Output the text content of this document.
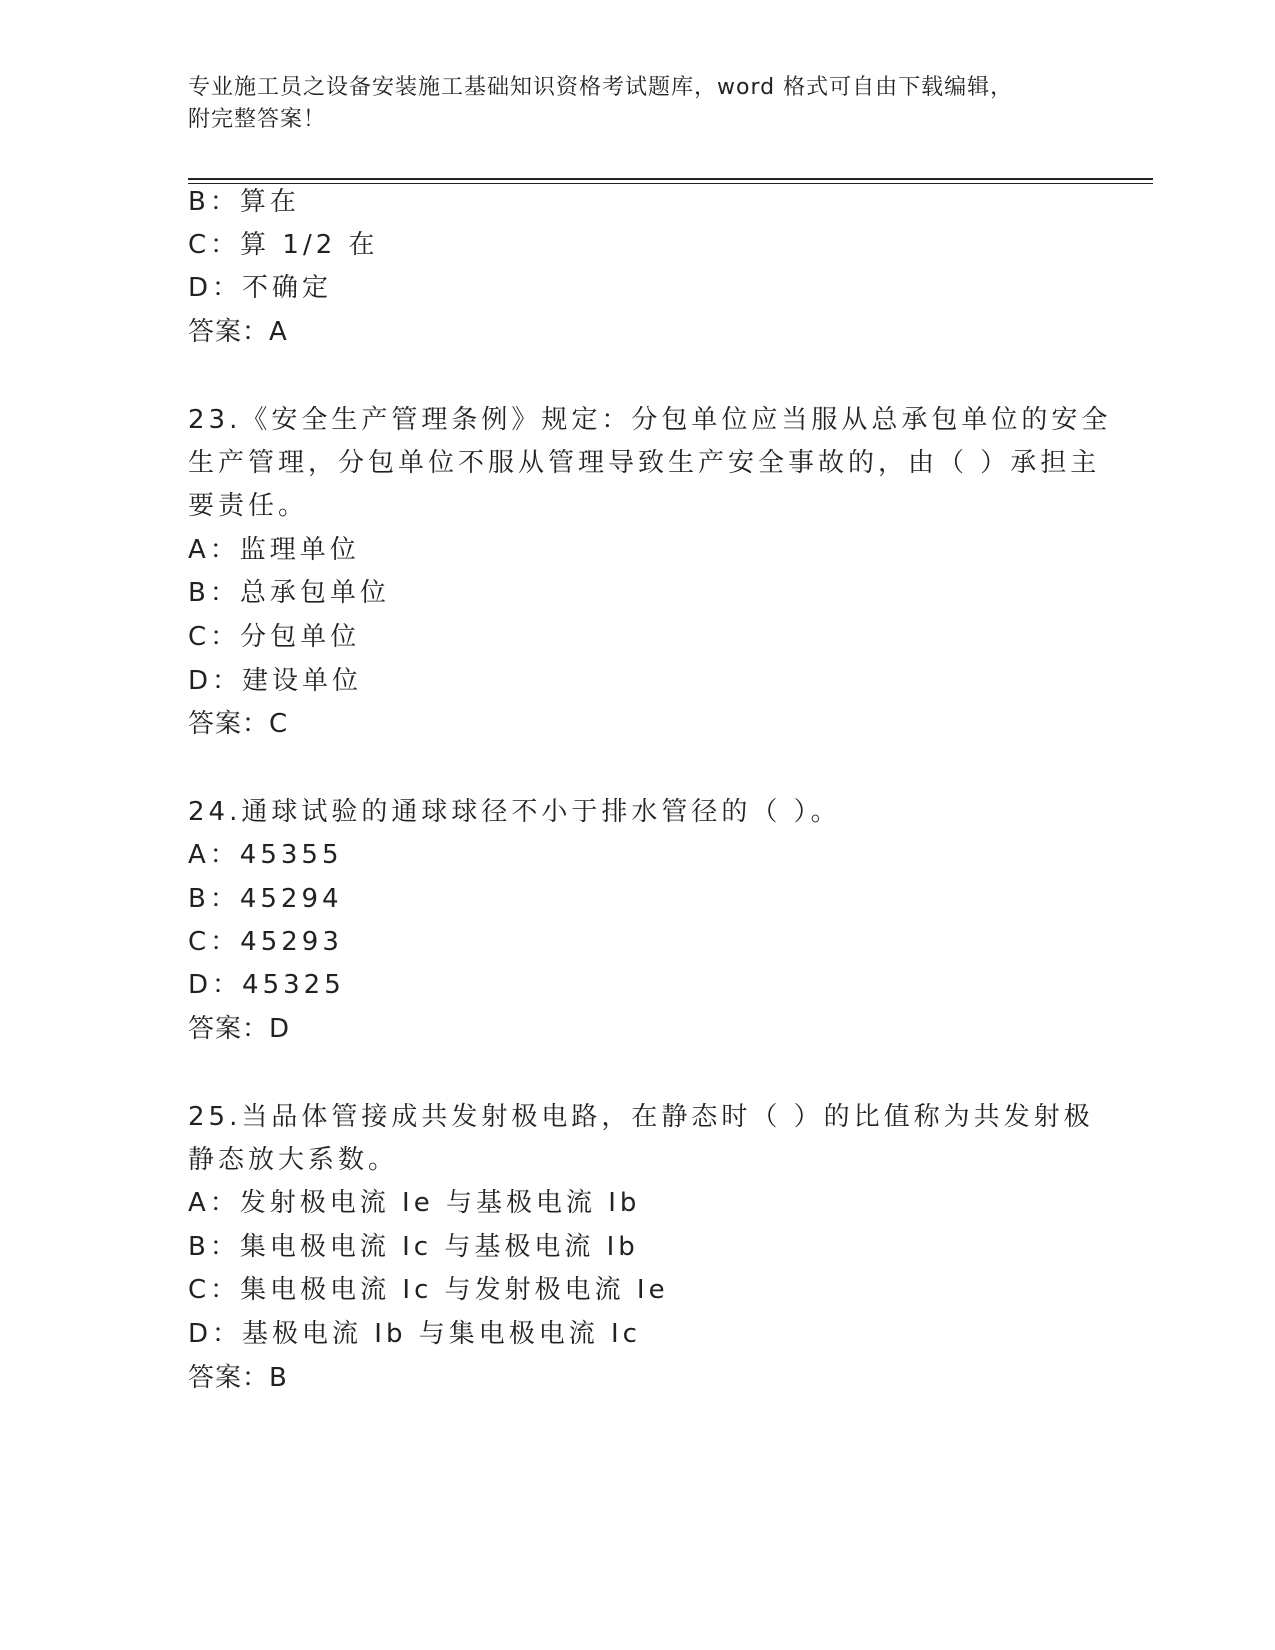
专业施工员之设备安装施工基础知识资格考试题库，word 格式可自由下载编辑，
附完整答案！
B：算在
C：算 1/2 在
D：不确定
答案：A
23.《安全生产管理条例》规定：分包单位应当服从总承包单位的安全
生产管理，分包单位不服从管理导致生产安全事故的，由（ ）承担主
要责任。
A：监理单位
B：总承包单位
C：分包单位
D：建设单位
答案：C
24.通球试验的通球球径不小于排水管径的（ ）。
A：45355
B：45294
C：45293
D：45325
答案：D
25.当品体管接成共发射极电路，在静态时（ ）的比值称为共发射极
静态放大系数。
A：发射极电流 Ie 与基极电流 Ib
B：集电极电流 Ic 与基极电流 Ib
C：集电极电流 Ic 与发射极电流 Ie
D：基极电流 Ib 与集电极电流 Ic
答案：B
